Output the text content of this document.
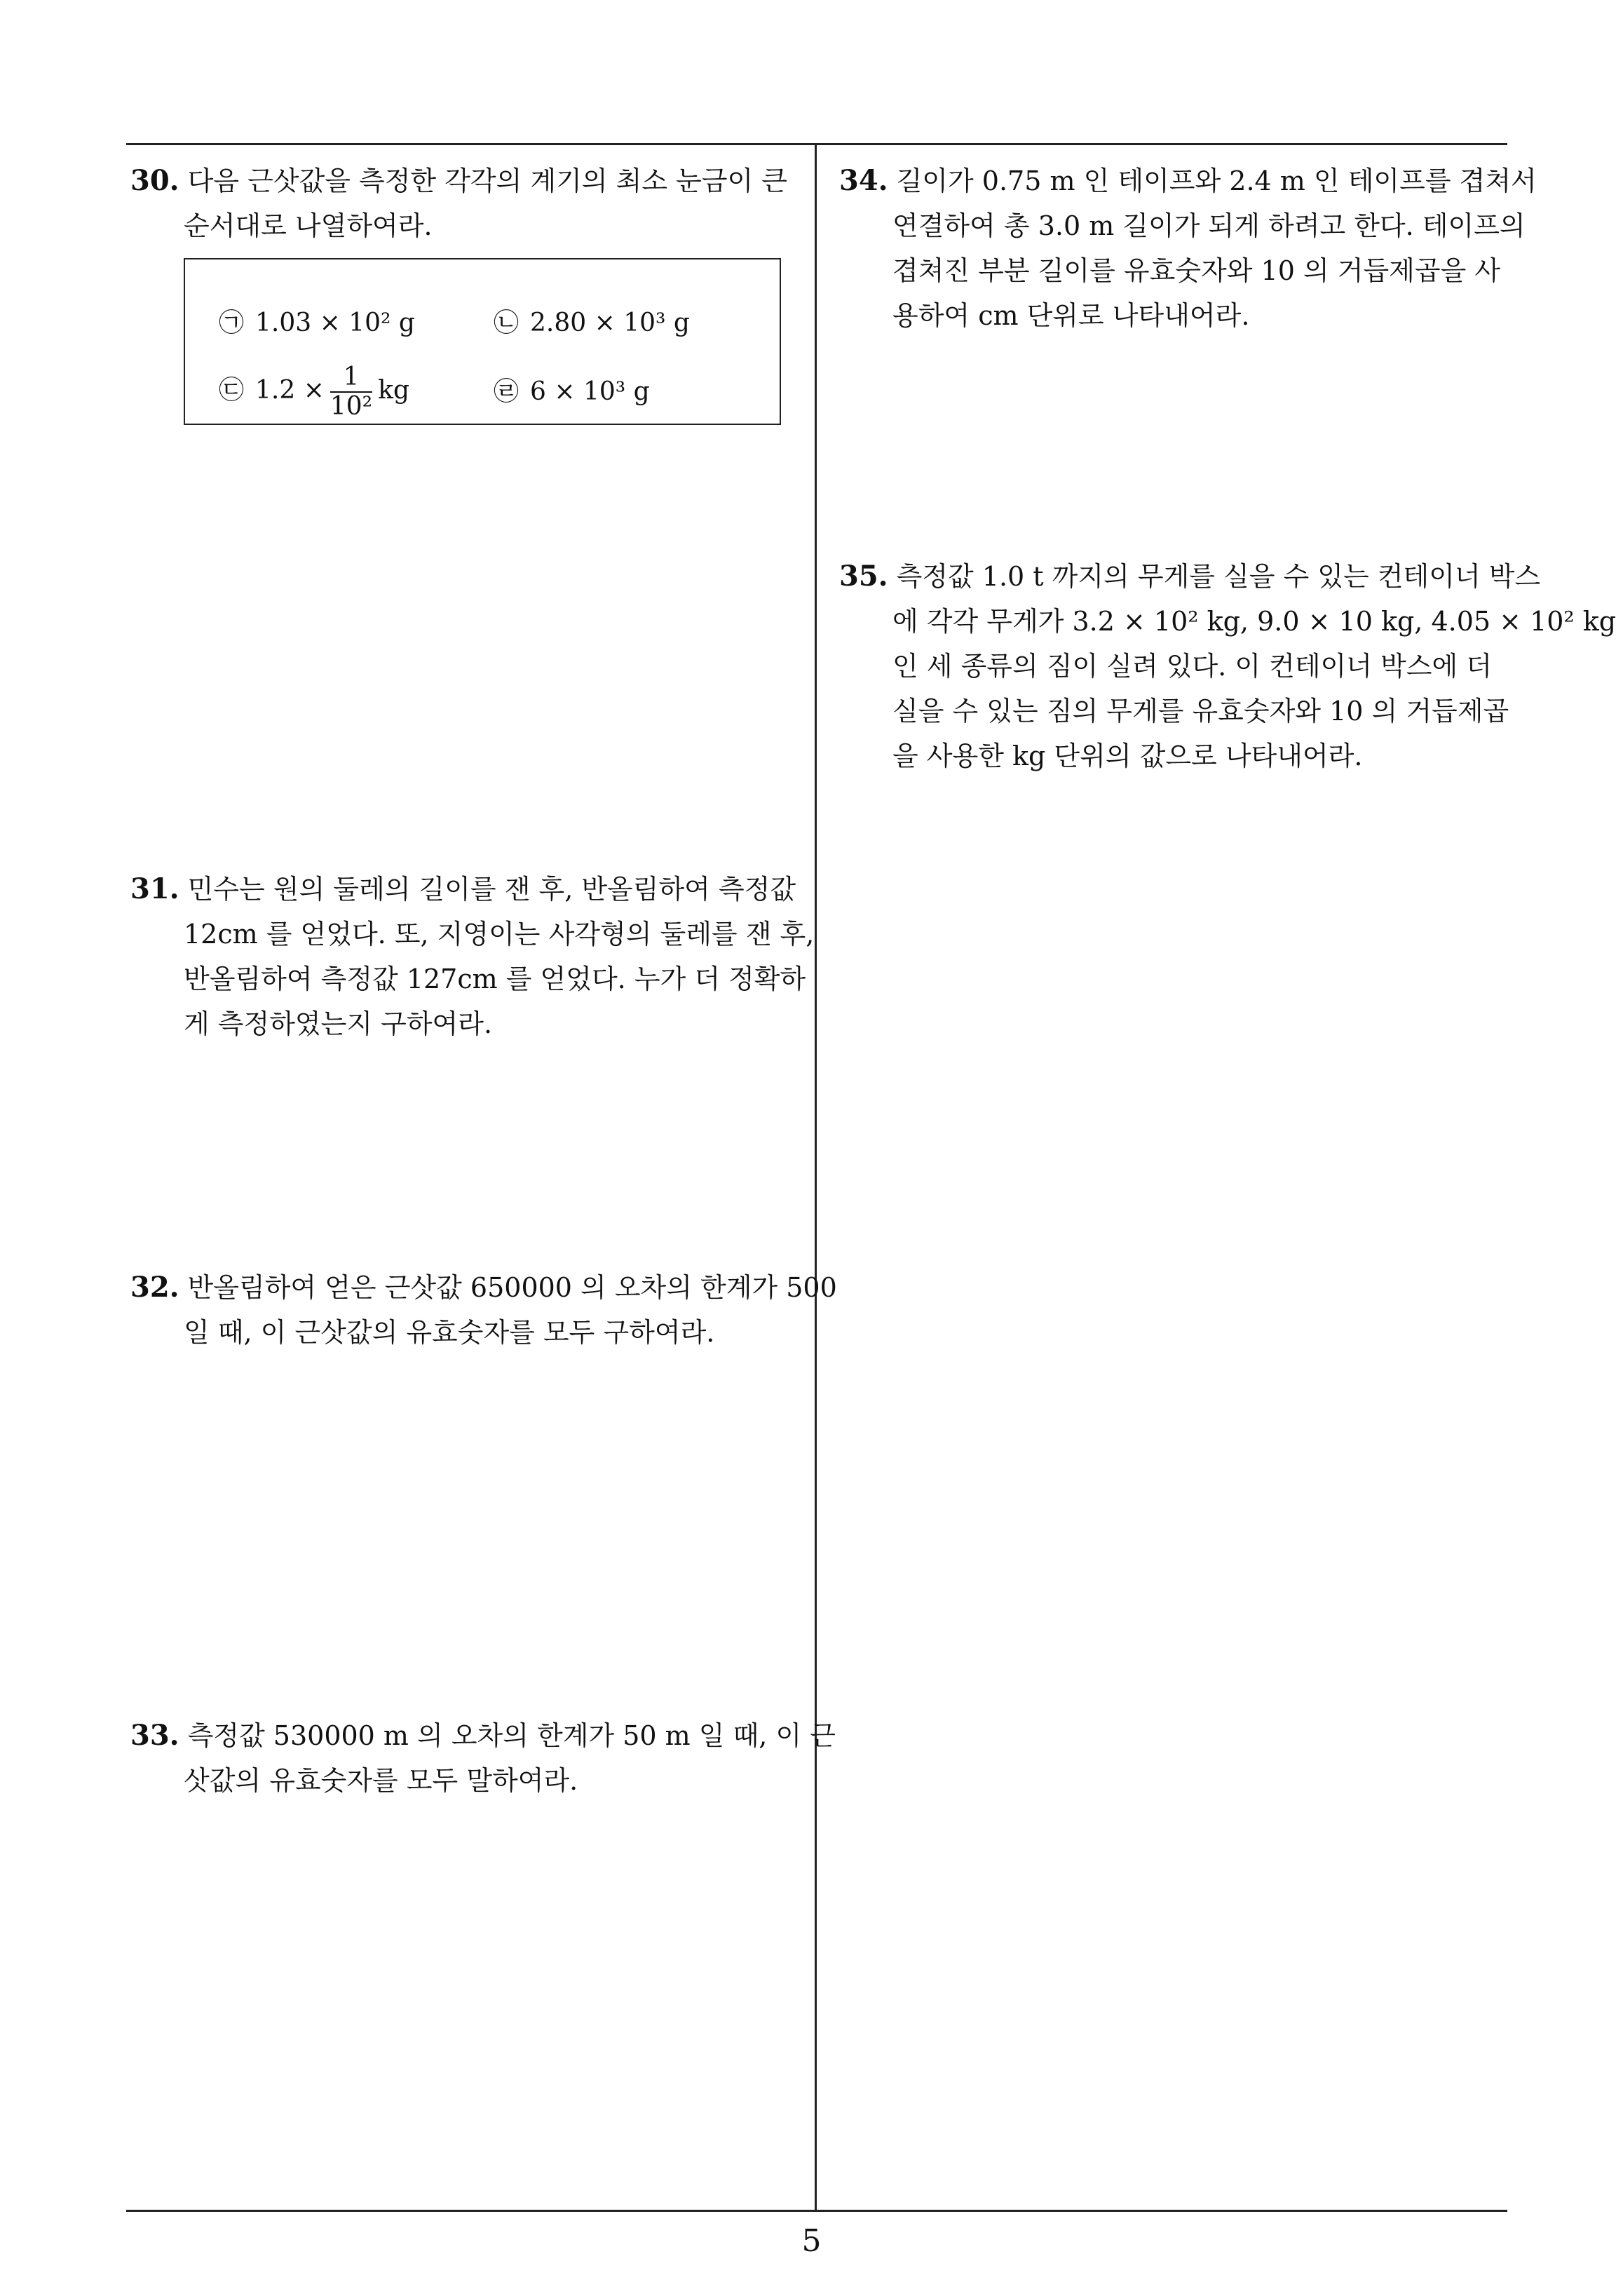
30. 다음 근삿값을 측정한 각각의 계기의 최소 눈금이 큰
순서대로 나열하여라.
㉠ 1.03 × 10² g	㉡ 2.80 × 10³ g
㉢ $1.2 \times \frac{1}{\text{10²}}$ kg	㉣ 6 × 10³ g
31. 민수는 원의 둘레의 길이를 잰 후, 반올림하여 측정값
12cm 를 얻었다. 또, 지영이는 사각형의 둘레를 잰 후,
반올림하여 측정값 127cm 를 얻었다. 누가 더 정확하
게 측정하였는지 구하여라.
32. 반올림하여 얻은 근삿값 650000 의 오차의 한계가 500
일 때, 이 근삿값의 유효숫자를 모두 구하여라.
33. 측정값 530000 m 의 오차의 한계가 50 m 일 때, 이 근
삿값의 유효숫자를 모두 말하여라.
34. 길이가 0.75 m 인 테이프와 2.4 m 인 테이프를 겹쳐서
연결하여 총 3.0 m 길이가 되게 하려고 한다. 테이프의
겹쳐진 부분 길이를 유효숫자와 10 의 거듭제곱을 사
용하여 cm 단위로 나타내어라.
35. 측정값 1.0 t 까지의 무게를 실을 수 있는 컨테이너 박스
에 각각 무게가 3.2 × 10² kg, 9.0 × 10 kg, 4.05 × 10² kg
인 세 종류의 짐이 실려 있다. 이 컨테이너 박스에 더
실을 수 있는 짐의 무게를 유효숫자와 10 의 거듭제곱
을 사용한 kg 단위의 값으로 나타내어라.
5
